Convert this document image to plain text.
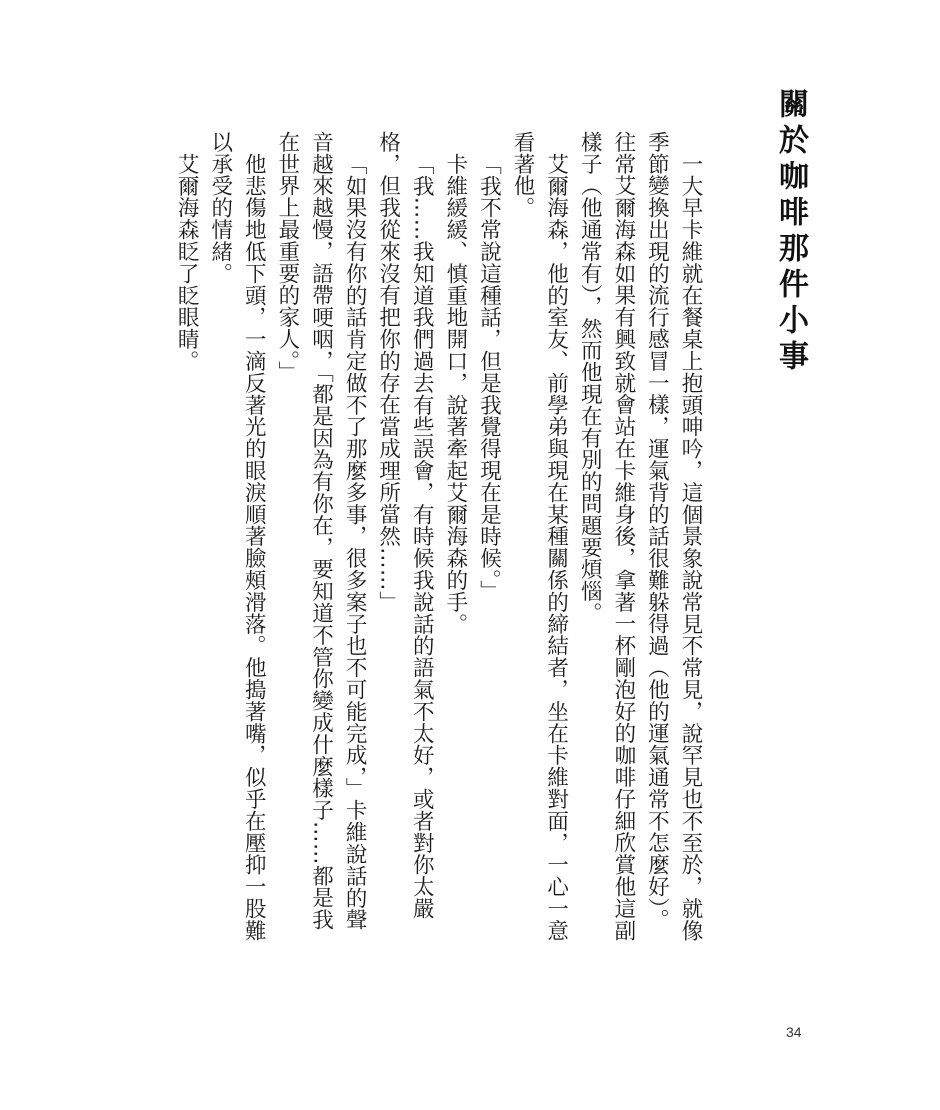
關於咖啡那件小事

一大早卡維就在餐桌上抱頭呻吟，這個景象說常見不常見，說罕見也不至於，就像季節變換出現的流行感冒一樣，運氣背的話很難躲得過（他的運氣通常不怎麼好）。往常艾爾海森如果有興致就會站在卡維身後，拿著一杯剛泡好的咖啡仔細欣賞他這副樣子（他通常有），然而他現在有別的問題要煩惱。

艾爾海森，他的室友、前學弟與現在某種關係的締結者，坐在卡維對面，一心一意看著他。

「我不常說這種話，但是我覺得現在是時候。」

卡維緩緩、慎重地開口，說著牽起艾爾海森的手。

「我……我知道我們過去有些誤會，有時候我說話的語氣不太好，或者對你太嚴格，但我從來沒有把你的存在當成理所當然……」

「如果沒有你的話肯定做不了那麼多事，很多案子也不可能完成，」卡維說話的聲音越來越慢，語帶哽咽，「都是因為有你在，要知道不管你變成什麼樣子……都是我在世界上最重要的家人。」

他悲傷地低下頭，一滴反著光的眼淚順著臉頰滑落。他搗著嘴，似乎在壓抑一股難以承受的情緒。

艾爾海森眨了眨眼睛。

34
